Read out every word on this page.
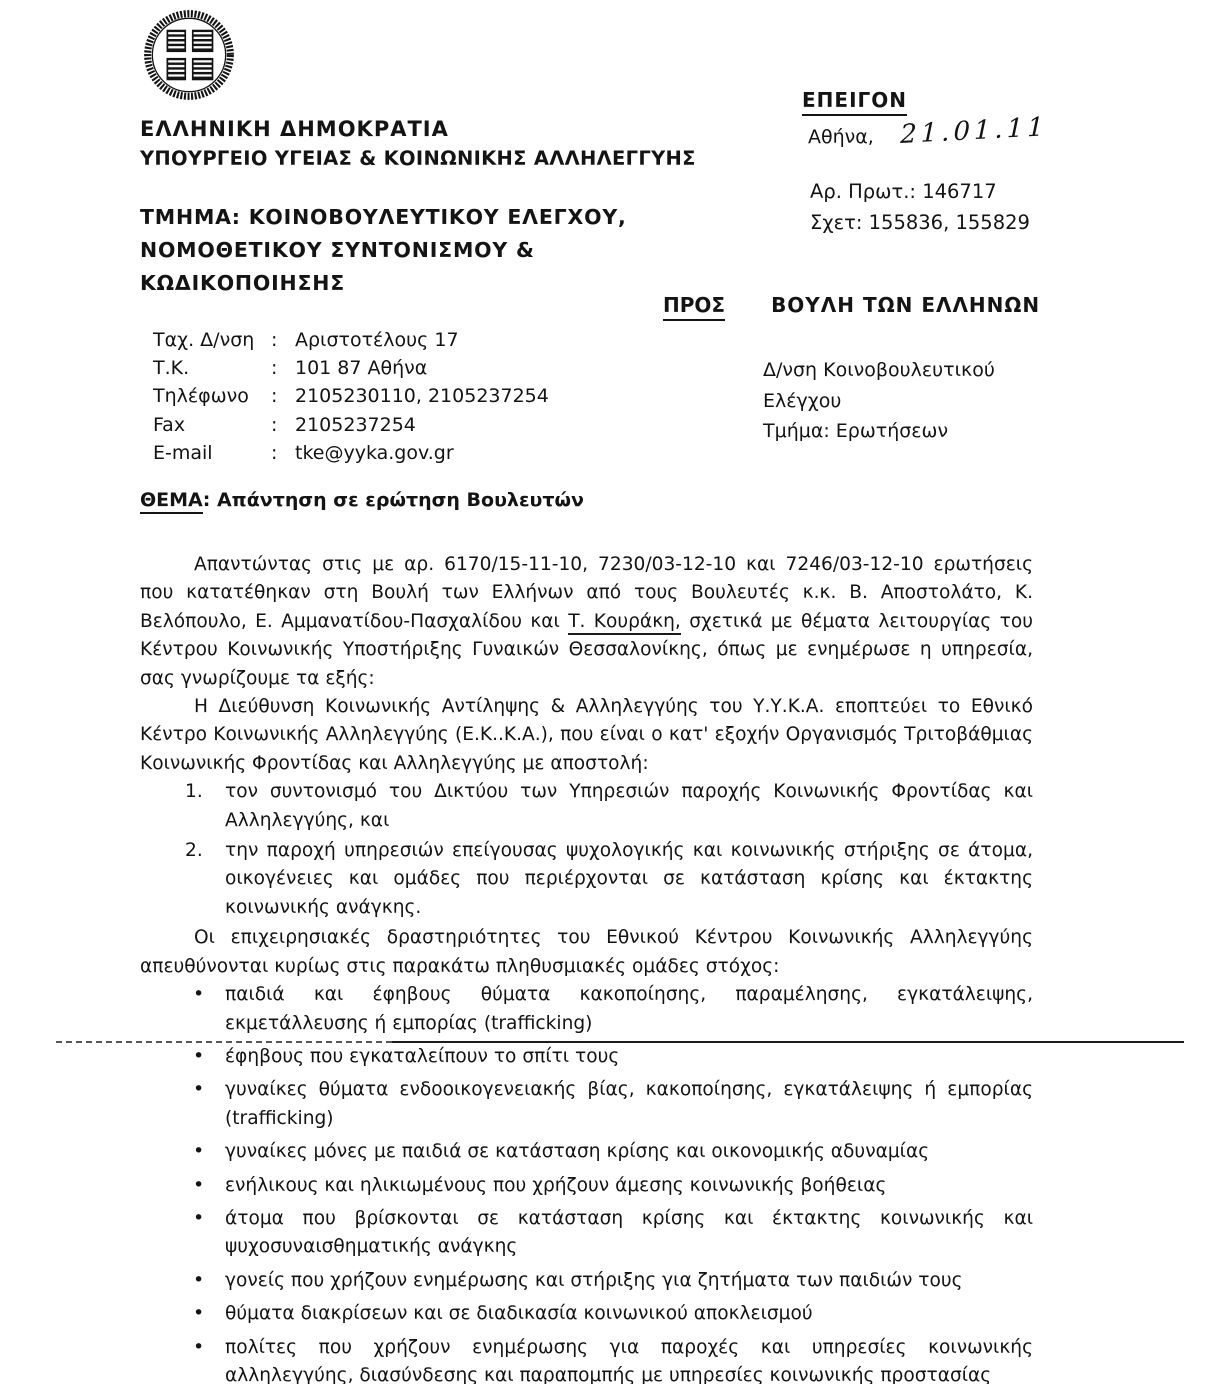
ΕΛΛΗΝΙΚΗ ΔΗΜΟΚΡΑΤΙΑ
ΥΠΟΥΡΓΕΙΟ ΥΓΕΙΑΣ & ΚΟΙΝΩΝΙΚΗΣ ΑΛΛΗΛΕΓΓΥΗΣ
ΤΜΗΜΑ: ΚΟΙΝΟΒΟΥΛΕΥΤΙΚΟΥ ΕΛΕΓΧΟΥ,
ΝΟΜΟΘΕΤΙΚΟΥ ΣΥΝΤΟΝΙΣΜΟΥ &
ΚΩΔΙΚΟΠΟΙΗΣΗΣ
ΕΠΕΙΓΟΝ
Αθήνα, 21.01.11
Αρ. Πρωτ.: 146717
Σχετ: 155836, 155829
ΠΡΟΣ ΒΟΥΛΗ ΤΩΝ ΕΛΛΗΝΩΝ
Ταχ. Δ/νση : Αριστοτέλους 17
Τ.Κ.	: 101 87 Αθήνα
Τηλέφωνο	: 2105230110, 2105237254
Fax	: 2105237254
E-mail	: tke@yyka.gov.gr
Δ/νση Κοινοβουλευτικού
Ελέγχου
Τμήμα: Ερωτήσεων
ΘΕΜΑ: Απάντηση σε ερώτηση Βουλευτών

Απαντώντας στις με αρ. 6170/15-11-10, 7230/03-12-10 και 7246/03-12-10 ερωτήσεις που κατατέθηκαν στη Βουλή των Ελλήνων από τους Βουλευτές κ.κ. Β. Αποστολάτο, Κ. Βελόπουλο, Ε. Αμμανατίδου-Πασχαλίδου και Τ. Κουράκη, σχετικά με θέματα λειτουργίας του Κέντρου Κοινωνικής Υποστήριξης Γυναικών Θεσσαλονίκης, όπως με ενημέρωσε η υπηρεσία, σας γνωρίζουμε τα εξής:

Η Διεύθυνση Κοινωνικής Αντίληψης & Αλληλεγγύης του Υ.Υ.Κ.Α. εποπτεύει το Εθνικό Κέντρο Κοινωνικής Αλληλεγγύης (Ε.Κ..Κ.Α.), που είναι ο κατ' εξοχήν Οργανισμός Τριτοβάθμιας Κοινωνικής Φροντίδας και Αλληλεγγύης με αποστολή:

1. τον συντονισμό του Δικτύου των Υπηρεσιών παροχής Κοινωνικής Φροντίδας και Αλληλεγγύης, και
2. την παροχή υπηρεσιών επείγουσας ψυχολογικής και κοινωνικής στήριξης σε άτομα, οικογένειες και ομάδες που περιέρχονται σε κατάσταση κρίσης και έκτακτης κοινωνικής ανάγκης.

Οι επιχειρησιακές δραστηριότητες του Εθνικού Κέντρου Κοινωνικής Αλληλεγγύης απευθύνονται κυρίως στις παρακάτω πληθυσμιακές ομάδες στόχος:

•
παιδιά και έφηβους θύματα κακοποίησης, παραμέλησης, εγκατάλειψης, εκμετάλλευσης ή εμπορίας (trafficking)
•
έφηβους που εγκαταλείπουν το σπίτι τους
•
γυναίκες θύματα ενδοοικογενειακής βίας, κακοποίησης, εγκατάλειψης ή εμπορίας (trafficking)
•
γυναίκες μόνες με παιδιά σε κατάσταση κρίσης και οικονομικής αδυναμίας
•
ενήλικους και ηλικιωμένους που χρήζουν άμεσης κοινωνικής βοήθειας
•
άτομα που βρίσκονται σε κατάσταση κρίσης και έκτακτης κοινωνικής και ψυχοσυναισθηματικής ανάγκης
•
γονείς που χρήζουν ενημέρωσης και στήριξης για ζητήματα των παιδιών τους
•
θύματα διακρίσεων και σε διαδικασία κοινωνικού αποκλεισμού
•
πολίτες που χρήζουν ενημέρωσης για παροχές και υπηρεσίες κοινωνικής αλληλεγγύης, διασύνδεσης και παραπομπής με υπηρεσίες κοινωνικής προστασίας
